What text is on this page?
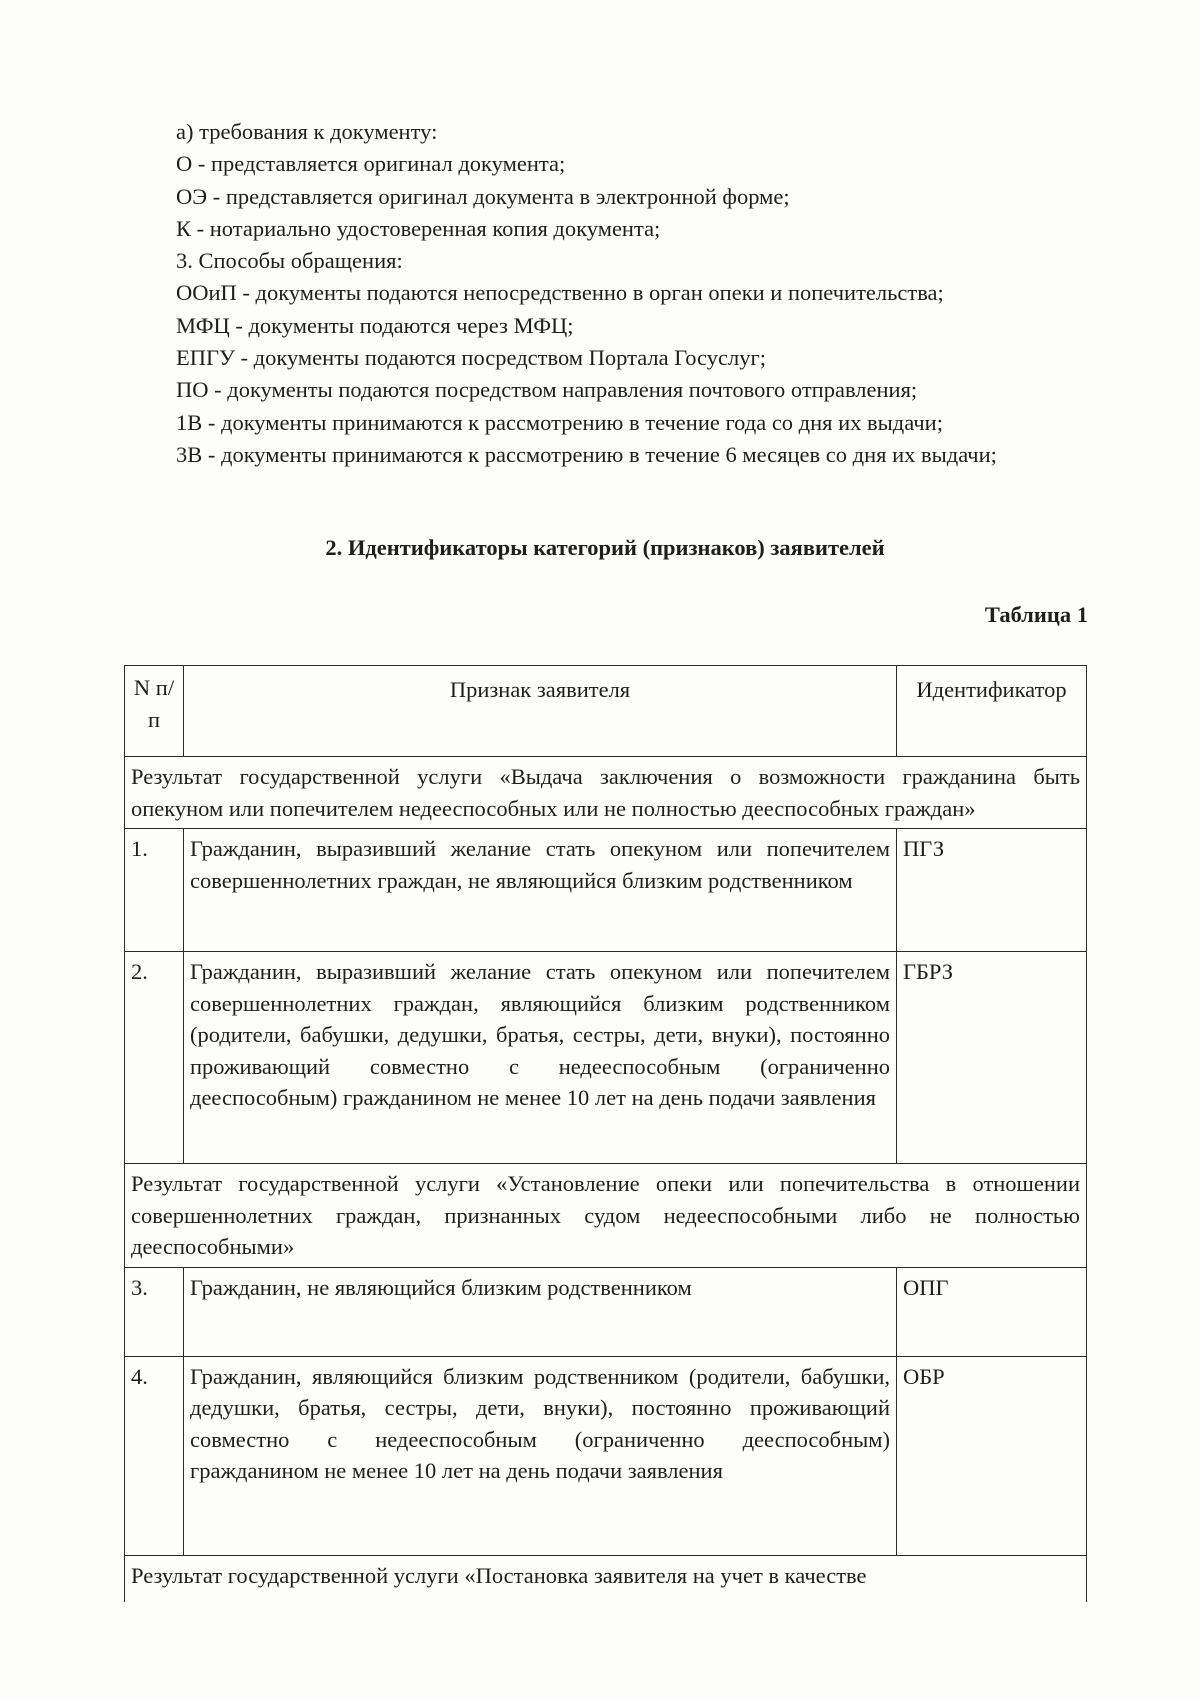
а) требования к документу:

О - представляется оригинал документа;

ОЭ - представляется оригинал документа в электронной форме;

К - нотариально удостоверенная копия документа;

3. Способы обращения:

ООиП - документы подаются непосредственно в орган опеки и попечительства;

МФЦ - документы подаются через МФЦ;

ЕПГУ - документы подаются посредством Портала Госуслуг;

ПО - документы подаются посредством направления почтового отправления;

1В - документы принимаются к рассмотрению в течение года со дня их выдачи;

3В - документы принимаются к рассмотрению в течение 6 месяцев со дня их выдачи;

2. Идентификаторы категорий (признаков) заявителей
Таблица 1
N п/п	Признак заявителя	Идентификатор
Результат государственной услуги «Выдача заключения о возможности гражданина быть опекуном или попечителем недееспособных или не полностью дееспособных граждан»		
1.	Гражданин, выразивший желание стать опекуном или попечителем совершеннолетних граждан, не являющийся близким родственником	ПГЗ
2.	Гражданин, выразивший желание стать опекуном или попечителем совершеннолетних граждан, являющийся близким родственником (родители, бабушки, дедушки, братья, сестры, дети, внуки), постоянно проживающий совместно с недееспособным (ограниченно дееспособным) гражданином не менее 10 лет на день подачи заявления	ГБРЗ
Результат государственной услуги «Установление опеки или попечительства в отношении совершеннолетних граждан, признанных судом недееспособными либо не полностью дееспособными»		
3.	Гражданин, не являющийся близким родственником	ОПГ
4.	Гражданин, являющийся близким родственником (родители, бабушки, дедушки, братья, сестры, дети, внуки), постоянно проживающий совместно с недееспособным (ограниченно дееспособным) гражданином не менее 10 лет на день подачи заявления	ОБР
Результат государственной услуги «Постановка заявителя на учет в качестве		
